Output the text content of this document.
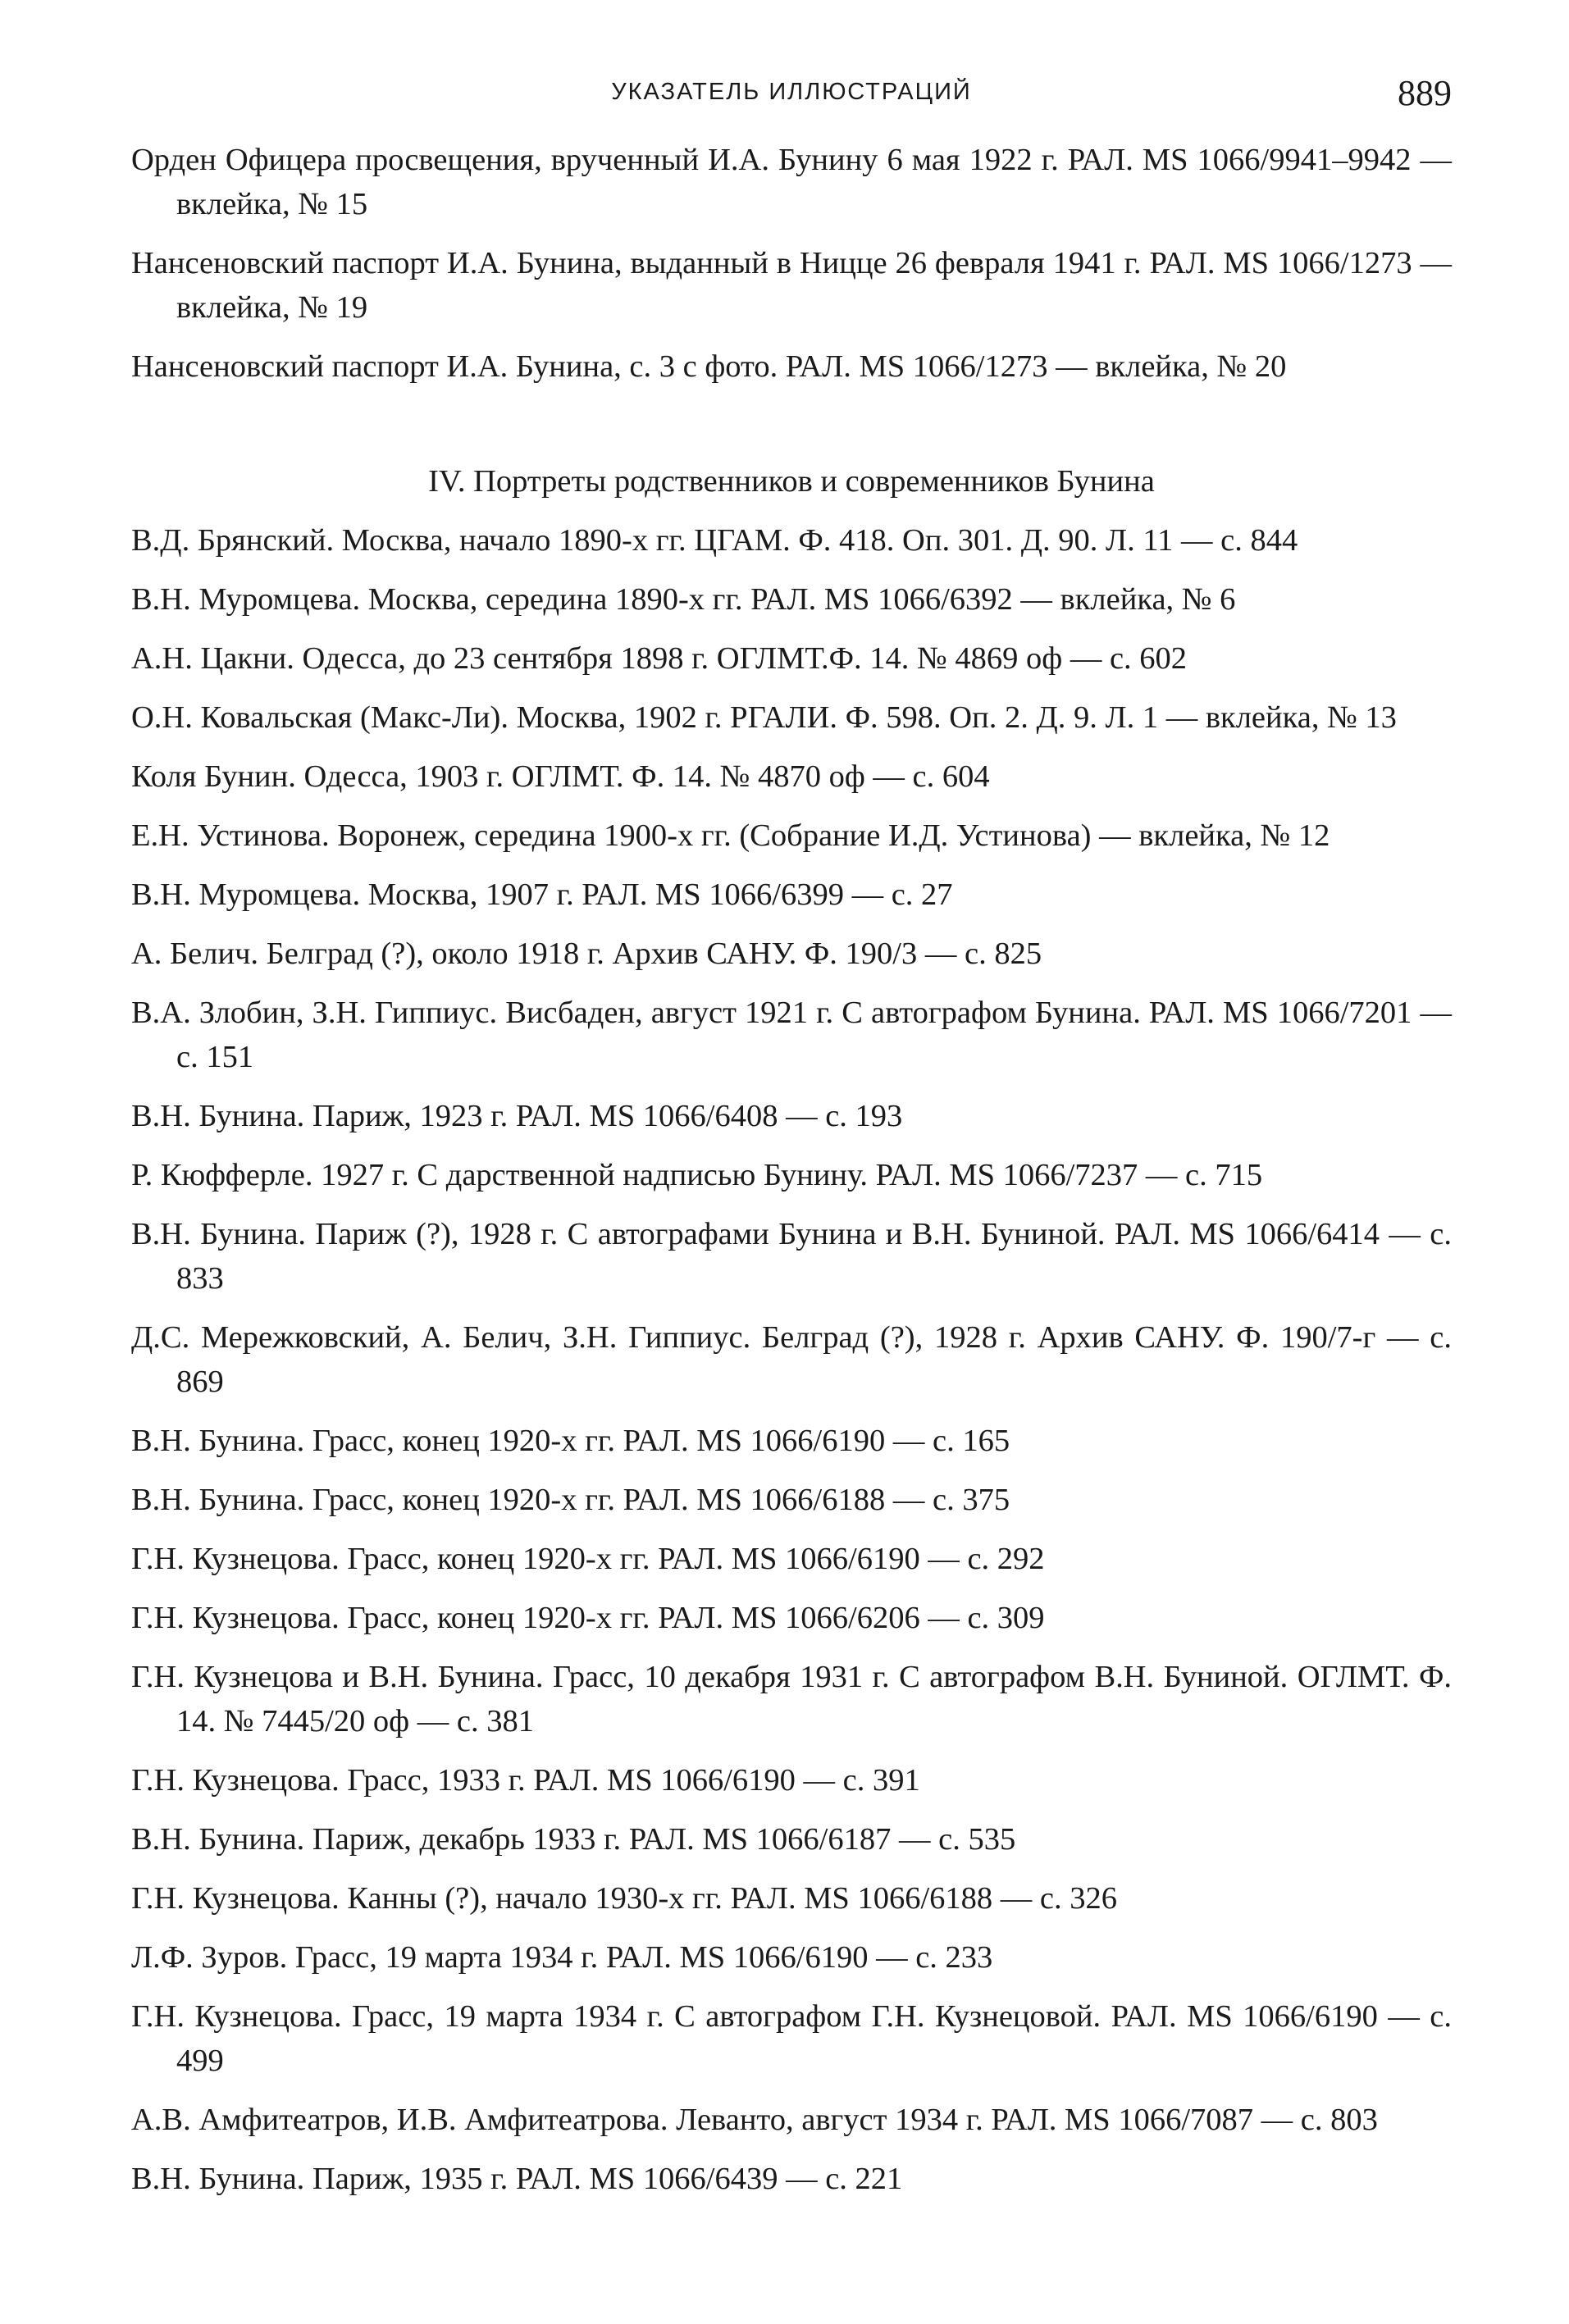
УКАЗАТЕЛЬ ИЛЛЮСТРАЦИЙ	889

Орден Офицера просвещения, врученный И.А. Бунину 6 мая 1922 г. РАЛ. MS 1066/9941–9942 — вклейка, № 15

Нансеновский паспорт И.А. Бунина, выданный в Ницце 26 февраля 1941 г. РАЛ. MS 1066/1273 — вклейка, № 19

Нансеновский паспорт И.А. Бунина, с. 3 с фото. РАЛ. MS 1066/1273 — вклейка, № 20

IV. Портреты родственников и современников Бунина

В.Д. Брянский. Москва, начало 1890-х гг. ЦГАМ. Ф. 418. Оп. 301. Д. 90. Л. 11 — с. 844

В.Н. Муромцева. Москва, середина 1890-х гг. РАЛ. MS 1066/6392 — вклейка, № 6

А.Н. Цакни. Одесса, до 23 сентября 1898 г. ОГЛМТ.Ф. 14. № 4869 оф — с. 602

О.Н. Ковальская (Макс-Ли). Москва, 1902 г. РГАЛИ. Ф. 598. Оп. 2. Д. 9. Л. 1 — вклейка, № 13

Коля Бунин. Одесса, 1903 г. ОГЛМТ. Ф. 14. № 4870 оф — с. 604

Е.Н. Устинова. Воронеж, середина 1900-х гг. (Собрание И.Д. Устинова) — вклейка, № 12

В.Н. Муромцева. Москва, 1907 г. РАЛ. MS 1066/6399 — с. 27

А. Белич. Белград (?), около 1918 г. Архив САНУ. Ф. 190/3 — с. 825

В.А. Злобин, З.Н. Гиппиус. Висбаден, август 1921 г. С автографом Бунина. РАЛ. MS 1066/7201 — с. 151

В.Н. Бунина. Париж, 1923 г. РАЛ. MS 1066/6408 — с. 193

Р. Кюфферле. 1927 г. С дарственной надписью Бунину. РАЛ. MS 1066/7237 — с. 715

В.Н. Бунина. Париж (?), 1928 г. С автографами Бунина и В.Н. Буниной. РАЛ. MS 1066/6414 — с. 833

Д.С. Мережковский, А. Белич, З.Н. Гиппиус. Белград (?), 1928 г. Архив САНУ. Ф. 190/7-г — с. 869

В.Н. Бунина. Грасс, конец 1920-х гг. РАЛ. MS 1066/6190 — с. 165

В.Н. Бунина. Грасс, конец 1920-х гг. РАЛ. MS 1066/6188 — с. 375

Г.Н. Кузнецова. Грасс, конец 1920-х гг. РАЛ. MS 1066/6190 — с. 292

Г.Н. Кузнецова. Грасс, конец 1920-х гг. РАЛ. MS 1066/6206 — с. 309

Г.Н. Кузнецова и В.Н. Бунина. Грасс, 10 декабря 1931 г. С автографом В.Н. Буниной. ОГЛМТ. Ф. 14. № 7445/20 оф — с. 381

Г.Н. Кузнецова. Грасс, 1933 г. РАЛ. MS 1066/6190 — с. 391

В.Н. Бунина. Париж, декабрь 1933 г. РАЛ. MS 1066/6187 — с. 535

Г.Н. Кузнецова. Канны (?), начало 1930-х гг. РАЛ. MS 1066/6188 — с. 326

Л.Ф. Зуров. Грасс, 19 марта 1934 г. РАЛ. MS 1066/6190 — с. 233

Г.Н. Кузнецова. Грасс, 19 марта 1934 г. С автографом Г.Н. Кузнецовой. РАЛ. MS 1066/6190 — с. 499

А.В. Амфитеатров, И.В. Амфитеатрова. Леванто, август 1934 г. РАЛ. MS 1066/7087 — с. 803

В.Н. Бунина. Париж, 1935 г. РАЛ. MS 1066/6439 — с. 221
